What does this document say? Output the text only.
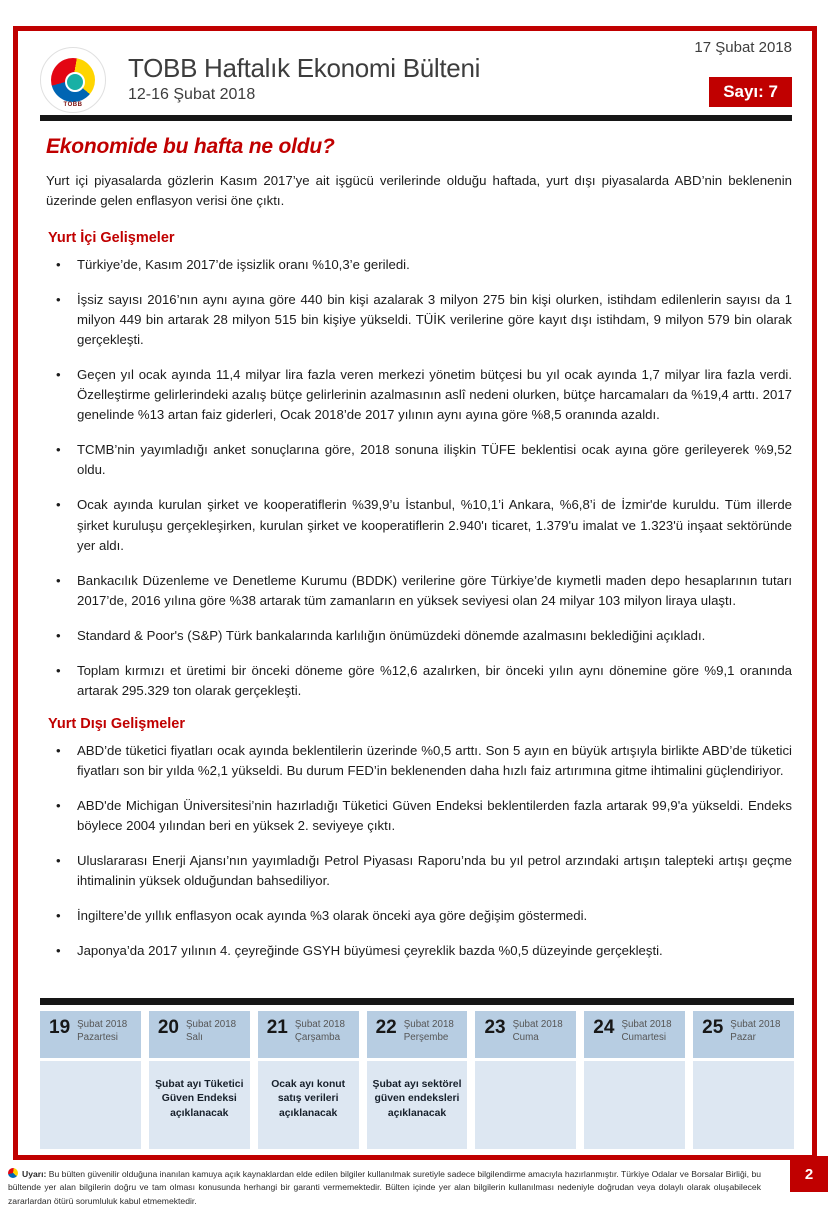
TOBB
TOBB Haftalık Ekonomi Bülteni
12-16 Şubat 2018
17 Şubat 2018
Sayı: 7
Ekonomide bu hafta ne oldu?

Yurt içi piyasalarda gözlerin Kasım 2017’ye ait işgücü verilerinde olduğu haftada, yurt dışı piyasalarda ABD’nin beklenenin üzerinde gelen enflasyon verisi öne çıktı.

Yurt İçi Gelişmeler
• Türkiye’de, Kasım 2017’de işsizlik oranı %10,3’e geriledi.
• İşsiz sayısı 2016’nın aynı ayına göre 440 bin kişi azalarak 3 milyon 275 bin kişi olurken, istihdam edilenlerin sayısı da 1 milyon 449 bin artarak 28 milyon 515 bin kişiye yükseldi. TÜİK verilerine göre kayıt dışı istihdam, 9 milyon 579 bin olarak gerçekleşti.
• Geçen yıl ocak ayında 11,4 milyar lira fazla veren merkezi yönetim bütçesi bu yıl ocak ayında 1,7 milyar lira fazla verdi. Özelleştirme gelirlerindeki azalış bütçe gelirlerinin azalmasının aslî nedeni olurken, bütçe harcamaları da %19,4 arttı. 2017 genelinde %13 artan faiz giderleri, Ocak 2018’de 2017 yılının aynı ayına göre %8,5 oranında azaldı.
• TCMB’nin yayımladığı anket sonuçlarına göre, 2018 sonuna ilişkin TÜFE beklentisi ocak ayına göre gerileyerek %9,52 oldu.
• Ocak ayında kurulan şirket ve kooperatiflerin %39,9’u İstanbul, %10,1’i Ankara, %6,8’i de İzmir'de kuruldu. Tüm illerde şirket kuruluşu gerçekleşirken, kurulan şirket ve kooperatiflerin 2.940'ı ticaret, 1.379'u imalat ve 1.323'ü inşaat sektöründe yer aldı.
• Bankacılık Düzenleme ve Denetleme Kurumu (BDDK) verilerine göre Türkiye’de kıymetli maden depo hesaplarının tutarı 2017’de, 2016 yılına göre %38 artarak tüm zamanların en yüksek seviyesi olan 24 milyar 103 milyon liraya ulaştı.
• Standard & Poor's (S&P) Türk bankalarında karlılığın önümüzdeki dönemde azalmasını beklediğini açıkladı.
• Toplam kırmızı et üretimi bir önceki döneme göre %12,6 azalırken, bir önceki yılın aynı dönemine göre %9,1 oranında artarak 295.329 ton olarak gerçekleşti.
Yurt Dışı Gelişmeler
• ABD’de tüketici fiyatları ocak ayında beklentilerin üzerinde %0,5 arttı. Son 5 ayın en büyük artışıyla birlikte ABD’de tüketici fiyatları son bir yılda %2,1 yükseldi. Bu durum FED’in beklenenden daha hızlı faiz artırımına gitme ihtimalini güçlendiriyor.
• ABD'de Michigan Üniversitesi’nin hazırladığı Tüketici Güven Endeksi beklentilerden fazla artarak 99,9'a yükseldi. Endeks böylece 2004 yılından beri en yüksek 2. seviyeye çıktı.
• Uluslararası Enerji Ajansı’nın yayımladığı Petrol Piyasası Raporu’nda bu yıl petrol arzındaki artışın talepteki artışı geçme ihtimalinin yüksek olduğundan bahsediliyor.
• İngiltere’de yıllık enflasyon ocak ayında %3 olarak önceki aya göre değişim göstermedi.
• Japonya’da 2017 yılının 4. çeyreğinde GSYH büyümesi çeyreklik bazda %0,5 düzeyinde gerçekleşti.
19 Şubat 2018
Pazartesi	20 Şubat 2018
Salı
Şubat ayı Tüketici Güven Endeksi açıklanacak
21 Şubat 2018
Çarşamba
Ocak ayı konut satış verileri açıklanacak
22 Şubat 2018
Perşembe
Şubat ayı sektörel güven endeksleri açıklanacak
23 Şubat 2018
Cuma	24 Şubat 2018
Cumartesi 25 Şubat 2018
Pazar
2
Uyarı: Bu bülten güvenilir olduğuna inanılan kamuya açık kaynaklardan elde edilen bilgiler kullanılmak suretiyle sadece bilgilendirme amacıyla hazırlanmıştır. Türkiye Odalar ve Borsalar Birliği, bu bültende yer alan bilgilerin doğru ve tam olması konusunda herhangi bir garanti vermemektedir. Bülten içinde yer alan bilgilerin kullanılması nedeniyle doğrudan veya dolaylı olarak oluşabilecek zararlardan ötürü sorumluluk kabul etmemektedir.
